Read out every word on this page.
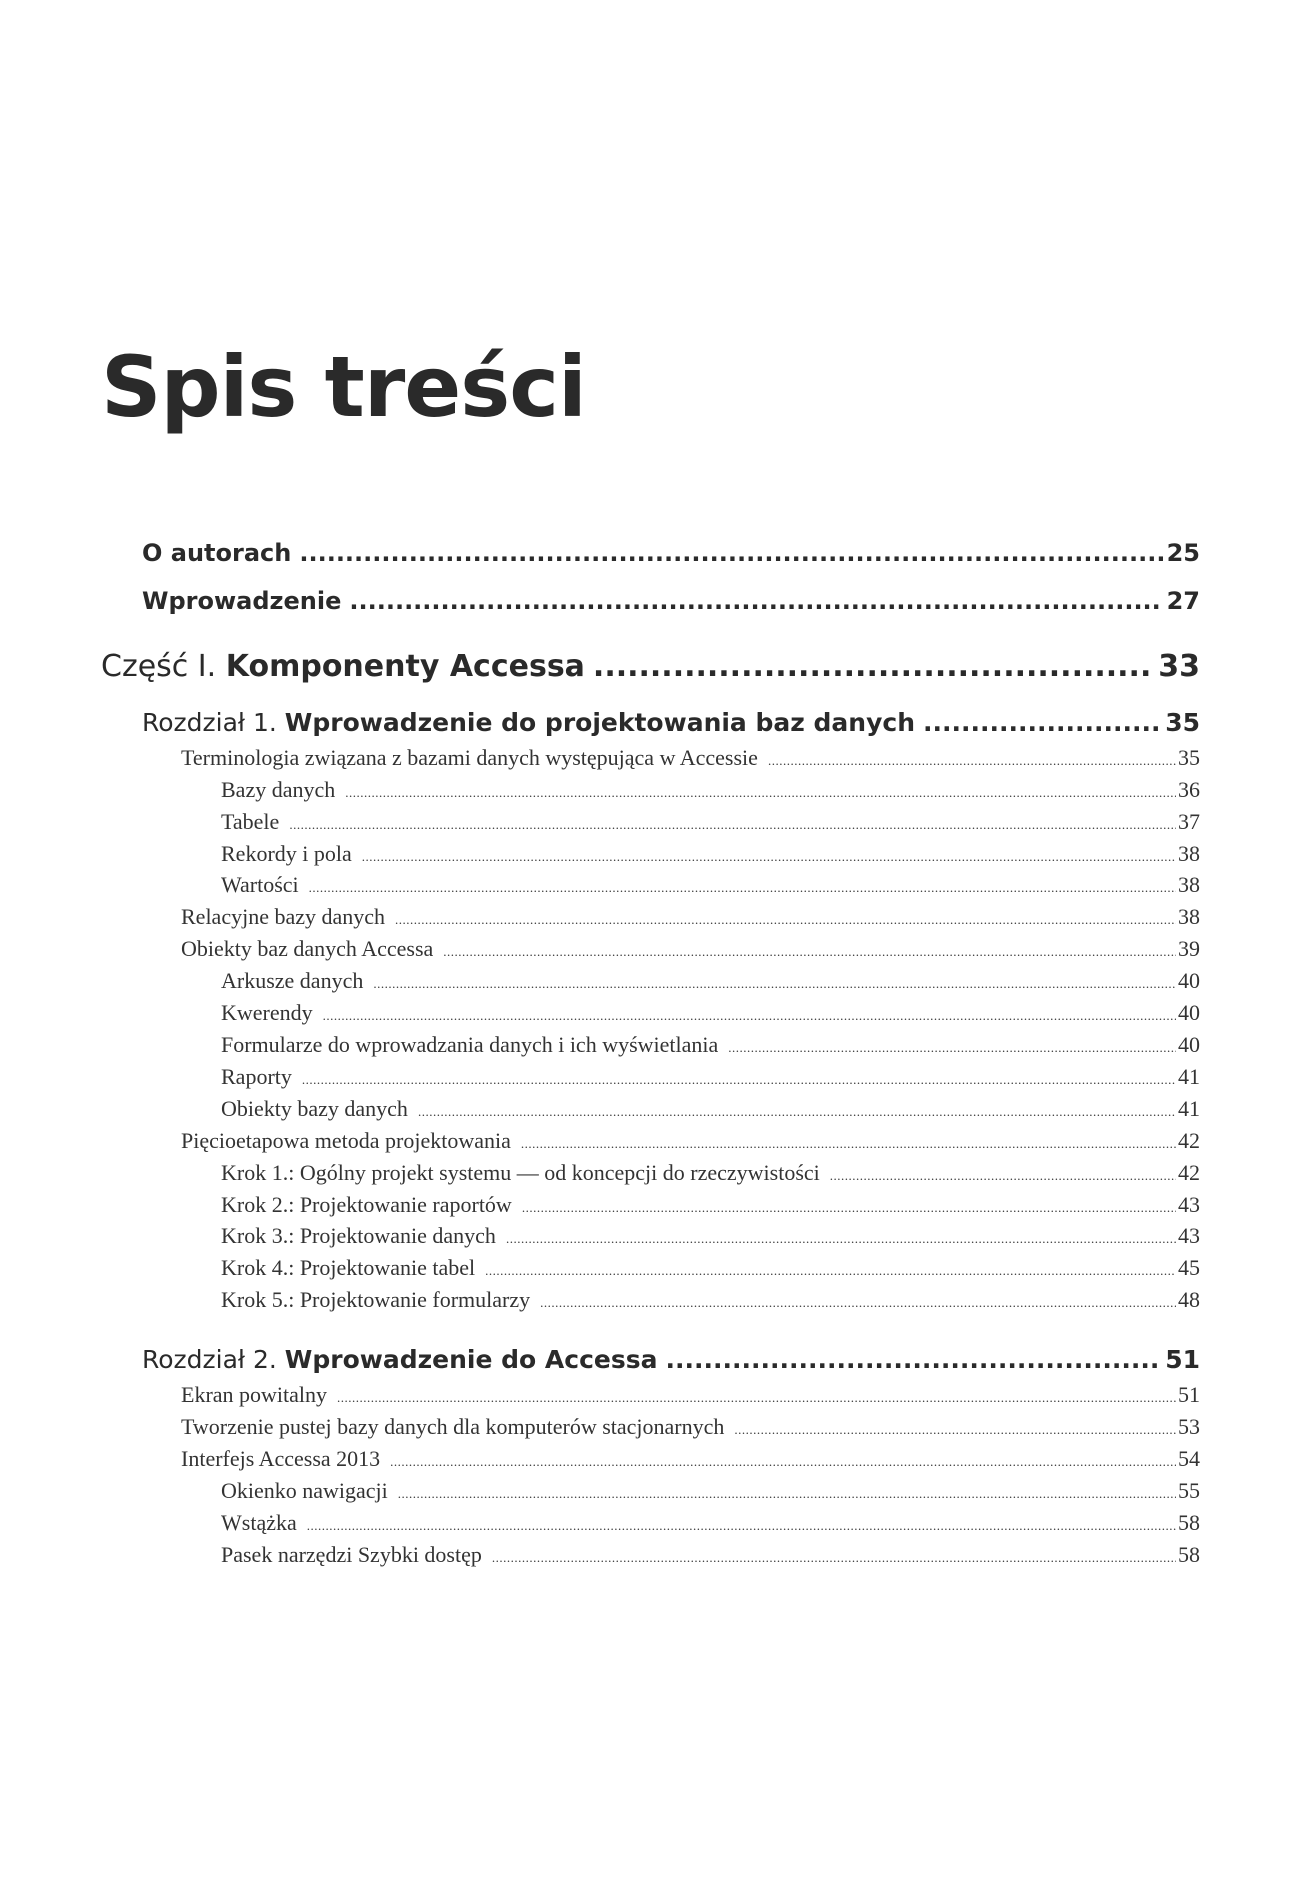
Spis treści
O autorach .....	25
Wprowadzenie .....	27
Część I. Komponenty Accessa .....	33
Rozdział 1. Wprowadzenie do projektowania baz danych .....	35
Terminologia związana z bazami danych występująca w Accessie .....	35
Bazy danych .....	36
Tabele .....	37
Rekordy i pola .....	38
Wartości .....	38
Relacyjne bazy danych .....	38
Obiekty baz danych Accessa .....	39
Arkusze danych .....	40
Kwerendy .....	40
Formularze do wprowadzania danych i ich wyświetlania .....	40
Raporty .....	41
Obiekty bazy danych .....	41
Pięcioetapowa metoda projektowania .....	42
Krok 1.: Ogólny projekt systemu — od koncepcji do rzeczywistości .....	42
Krok 2.: Projektowanie raportów .....	43
Krok 3.: Projektowanie danych .....	43
Krok 4.: Projektowanie tabel .....	45
Krok 5.: Projektowanie formularzy .....	48
Rozdział 2. Wprowadzenie do Accessa .....	51
Ekran powitalny .....	51
Tworzenie pustej bazy danych dla komputerów stacjonarnych .....	53
Interfejs Accessa 2013 .....	54
Okienko nawigacji .....	55
Wstążka .....	58
Pasek narzędzi Szybki dostęp .....	58
